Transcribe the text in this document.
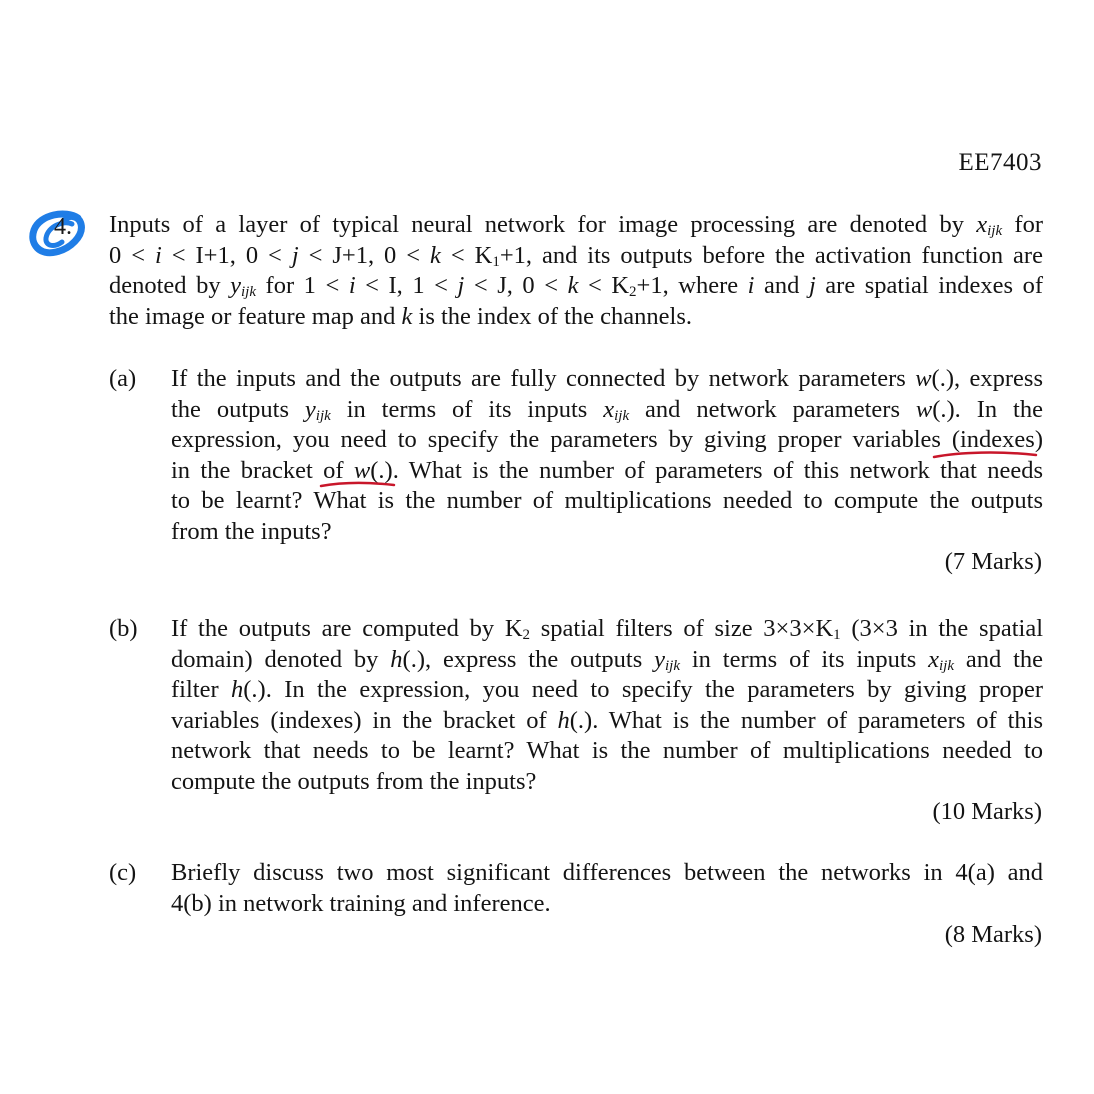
EE7403
4. Inputs of a layer of typical neural network for image processing are denoted by $x_{ijk}$ for
0 < i < I+1, 0 < j < J+1, 0 < k < K1+1, and its outputs before the activation function are
denoted by $y_{ijk}$ for 1 < i < I, 1 < j < J, 0 < k < K2+1, where i and j are spatial indexes of
the image or feature map and k is the index of the channels.
(a) If the inputs and the outputs are fully connected by network parameters w(.), express
the outputs $y_{ijk}$ in terms of its inputs $x_{ijk}$ and network parameters w(.). In the
expression, you need to specify the parameters by giving proper variables (indexes)
in the bracket of w(.). What is the number of parameters of this network that needs
to be learnt? What is the number of multiplications needed to compute the outputs
from the inputs?
(7 Marks)
(b) If the outputs are computed by K2 spatial filters of size 3×3×K1 (3×3 in the spatial
domain) denoted by h(.), express the outputs $y_{ijk}$ in terms of its inputs $x_{ijk}$ and the
filter h(.). In the expression, you need to specify the parameters by giving proper
variables (indexes) in the bracket of h(.). What is the number of parameters of this
network that needs to be learnt? What is the number of multiplications needed to
compute the outputs from the inputs?
(10 Marks)
(c) Briefly discuss two most significant differences between the networks in 4(a) and
4(b) in network training and inference.
(8 Marks)
